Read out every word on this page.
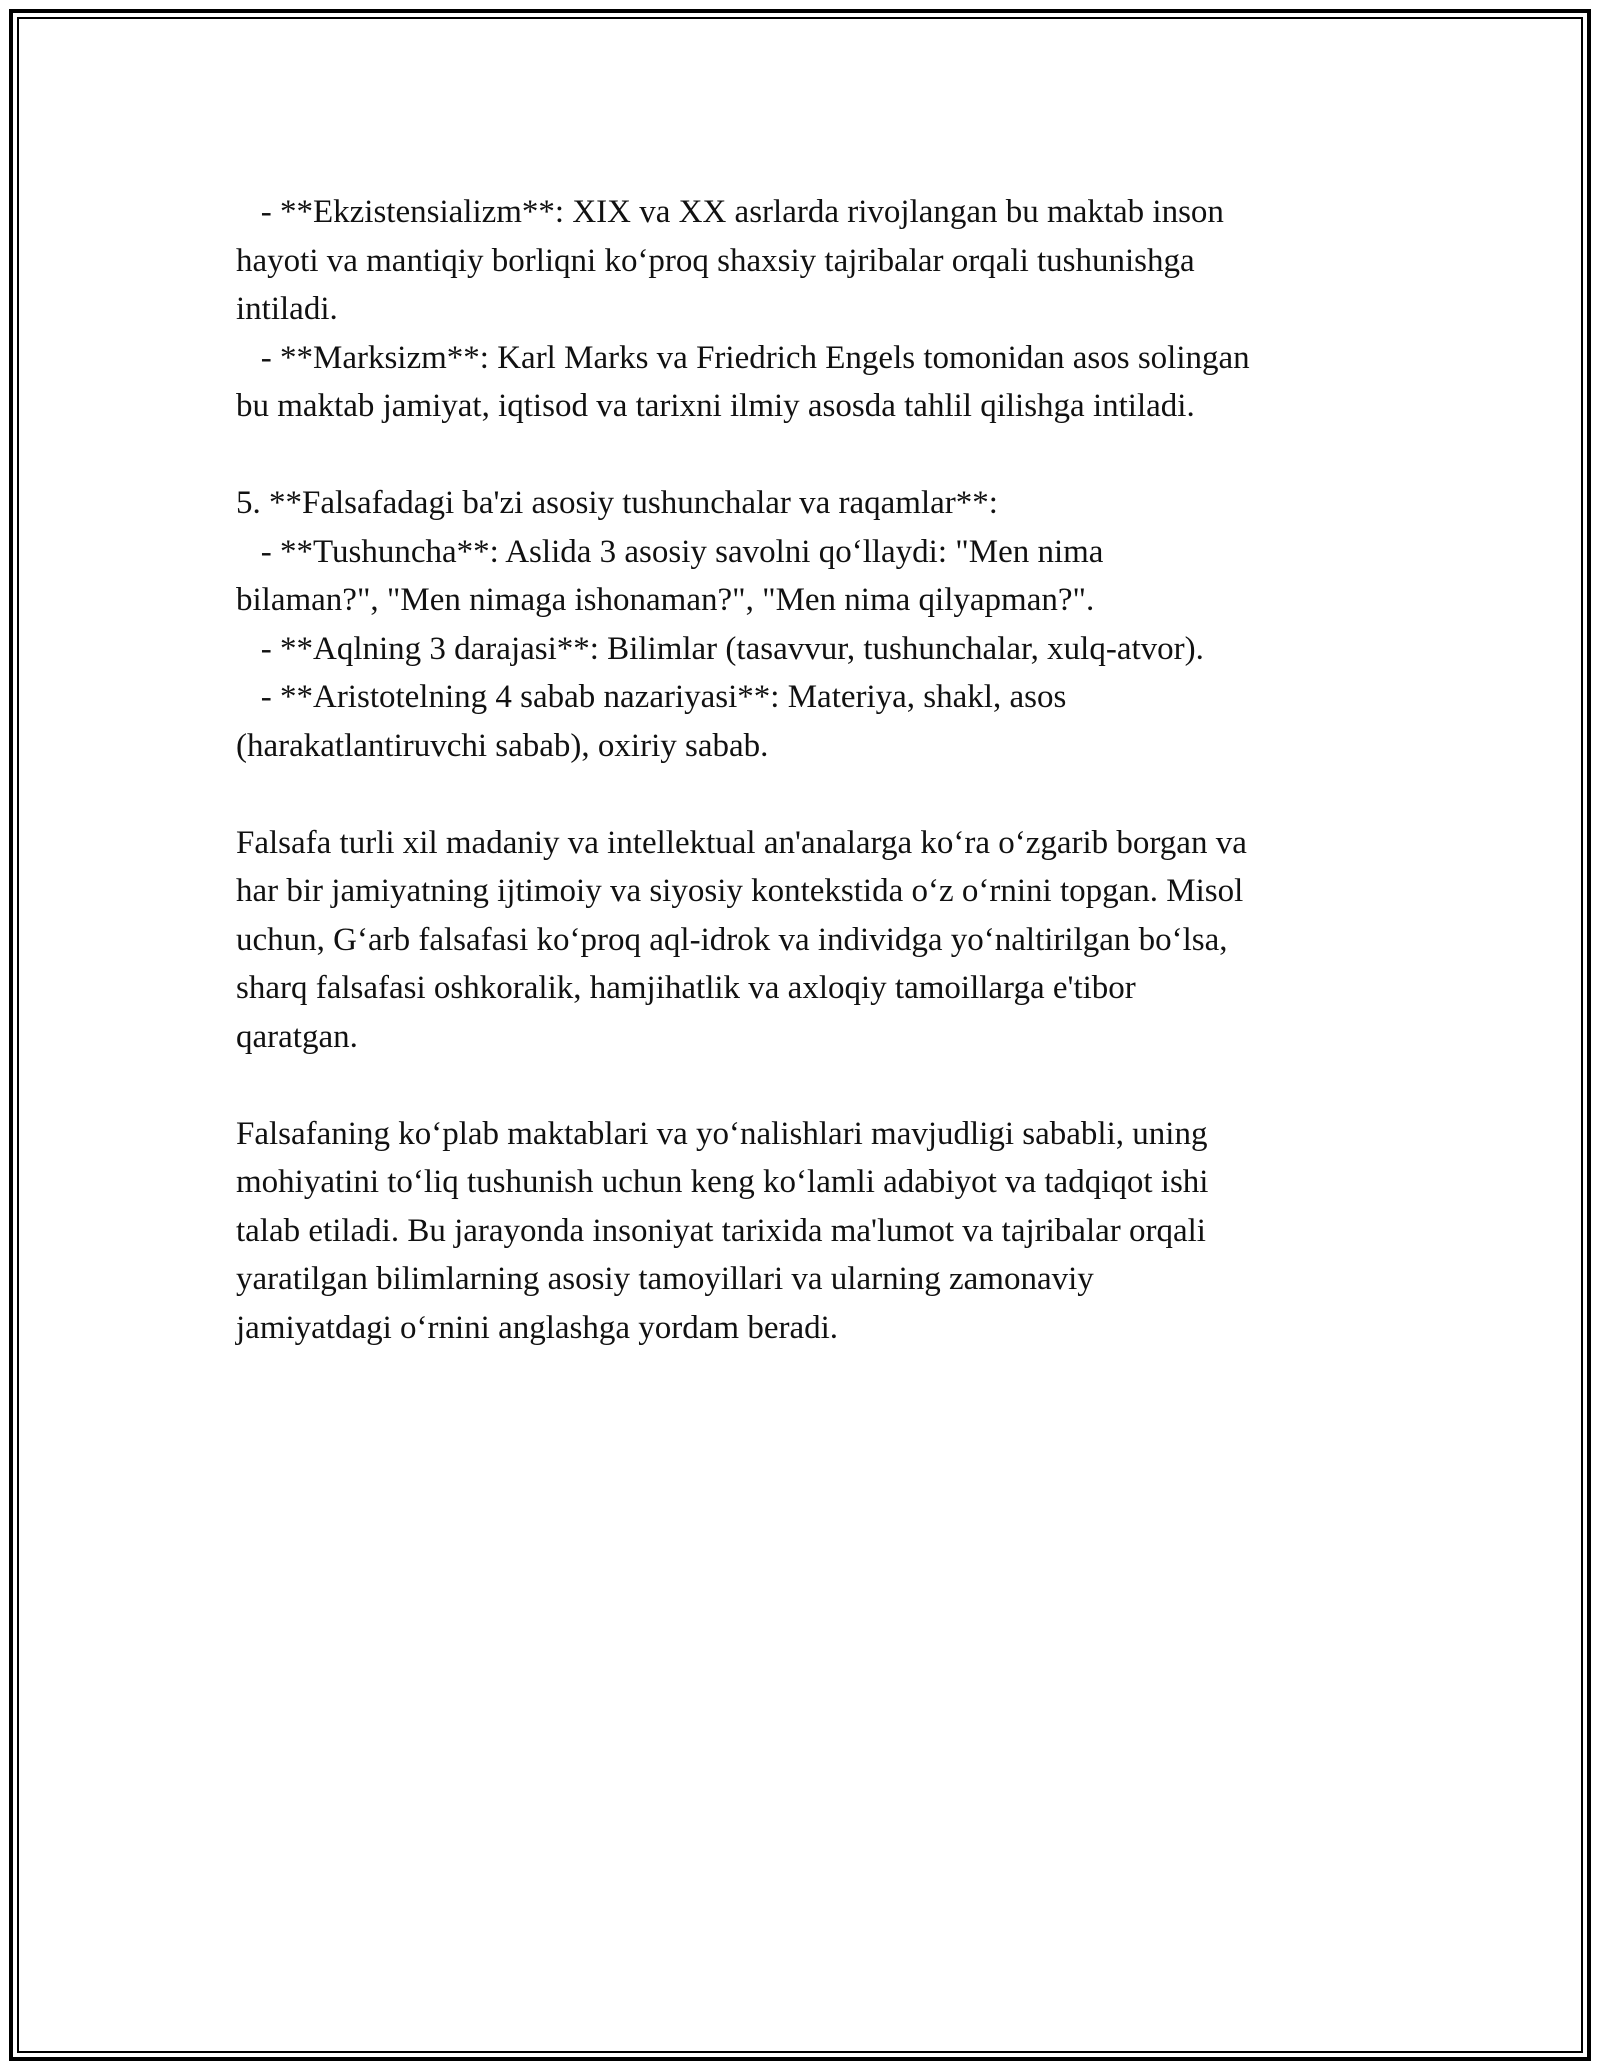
- **Ekzistensializm**: XIX va XX asrlarda rivojlangan bu maktab inson
hayoti va mantiqiy borliqni ko‘proq shaxsiy tajribalar orqali tushunishga
intiladi.
- **Marksizm**: Karl Marks va Friedrich Engels tomonidan asos solingan
bu maktab jamiyat, iqtisod va tarixni ilmiy asosda tahlil qilishga intiladi.
5. **Falsafadagi ba'zi asosiy tushunchalar va raqamlar**:
- **Tushuncha**: Aslida 3 asosiy savolni qo‘llaydi: "Men nima
bilaman?", "Men nimaga ishonaman?", "Men nima qilyapman?".
- **Aqlning 3 darajasi**: Bilimlar (tasavvur, tushunchalar, xulq-atvor).
- **Aristotelning 4 sabab nazariyasi**: Materiya, shakl, asos
(harakatlantiruvchi sabab), oxiriy sabab.
Falsafa turli xil madaniy va intellektual an'analarga ko‘ra o‘zgarib borgan va
har bir jamiyatning ijtimoiy va siyosiy kontekstida o‘z o‘rnini topgan. Misol
uchun, G‘arb falsafasi ko‘proq aql-idrok va individga yo‘naltirilgan bo‘lsa,
sharq falsafasi oshkoralik, hamjihatlik va axloqiy tamoillarga e'tibor
qaratgan.
Falsafaning ko‘plab maktablari va yo‘nalishlari mavjudligi sababli, uning
mohiyatini to‘liq tushunish uchun keng ko‘lamli adabiyot va tadqiqot ishi
talab etiladi. Bu jarayonda insoniyat tarixida ma'lumot va tajribalar orqali
yaratilgan bilimlarning asosiy tamoyillari va ularning zamonaviy
jamiyatdagi o‘rnini anglashga yordam beradi.
